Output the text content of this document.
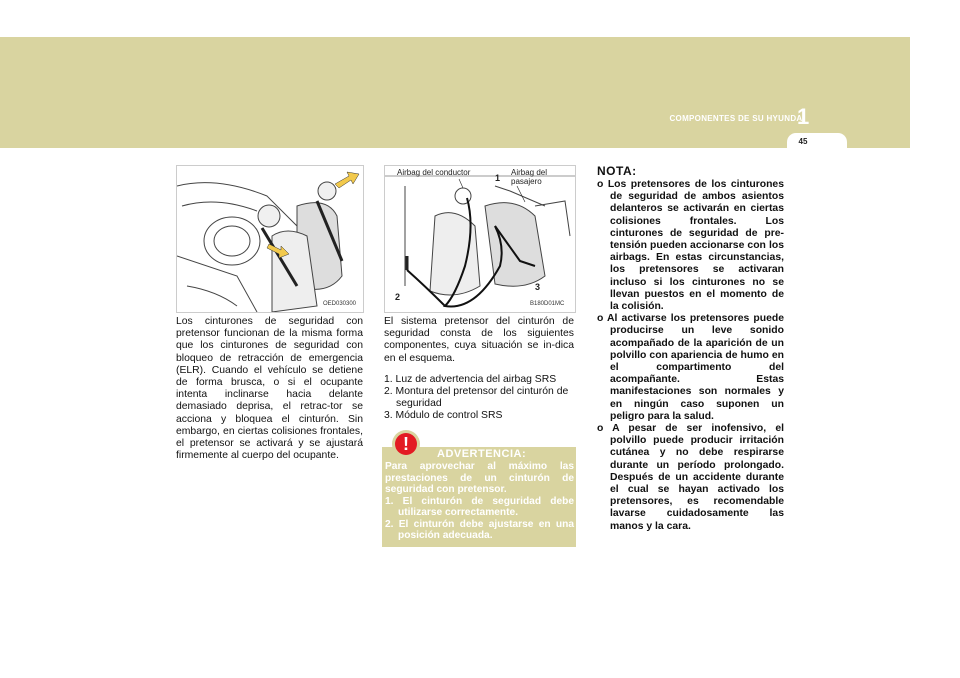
COMPONENTES DE SU HYUNDAI
1
45
OED030300
Airbag del conductor	Airbag del
pasajero
1
2
3
B180D01MC
Los cinturones de seguridad con pretensor funcionan de la misma forma que los cinturones de seguridad con bloqueo de retracción de emergencia (ELR). Cuando el vehículo se detiene de forma brusca, o si el ocupante intenta inclinarse hacia delante demasiado deprisa, el retrac-tor se acciona y bloquea el cinturón. Sin embargo, en ciertas colisiones frontales, el pretensor se activará y se ajustará firmemente al cuerpo del ocupante.
El sistema pretensor del cinturón de seguridad consta de los siguientes componentes, cuya situación se in-dica en el esquema.
1. Luz de advertencia del airbag SRS
2. Montura del pretensor del cinturón de seguridad
3. Módulo de control SRS
!	ADVERTENCIA:
Para aprovechar al máximo las prestaciones de un cinturón de seguridad con pretensor.
1. El cinturón de seguridad debe utilizarse correctamente.
2. El cinturón debe ajustarse en una posición adecuada.
NOTA:
o Los pretensores de los cinturones de seguridad de ambos asientos delanteros se activarán en ciertas colisiones frontales. Los cinturones de seguridad de pre-tensión pueden accionarse con los airbags. En estas circunstancias, los pretensores se activaran incluso si los cinturones no se llevan puestos en el momento de la colisión.
o Al activarse los pretensores puede producirse un leve sonido acompañado de la aparición de un polvillo con apariencia de humo en el compartimento del acompañante. Estas manifestaciones son normales y en ningún caso suponen un peligro para la salud.
o A pesar de ser inofensivo, el polvillo puede producir irritación cutánea y no debe respirarse durante un período prolongado. Después de un accidente durante el cual se hayan activado los pretensores, es recomendable lavarse cuidadosamente las manos y la cara.
